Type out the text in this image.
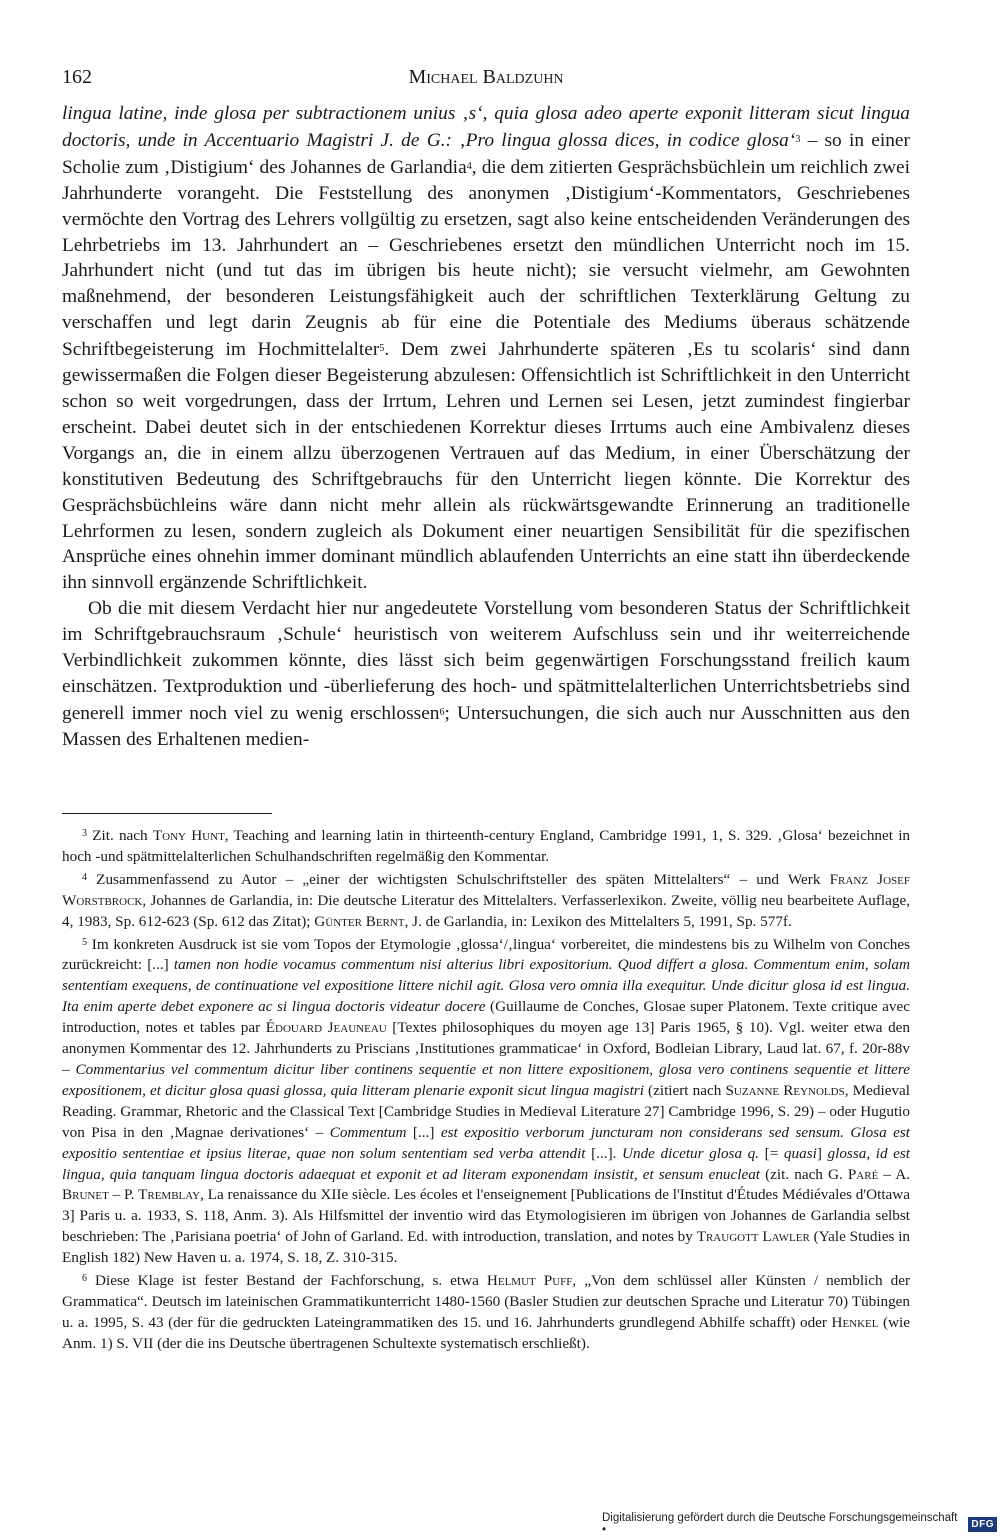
162	Michael Baldzuhn

lingua latine, inde glosa per subtractionem unius ‚s‘, quia glosa adeo aperte exponit litteram sicut lingua doctoris, unde in Accentuario Magistri J. de G.: ‚Pro lingua glossa dices, in codice glosa‘$^3$ – so in einer Scholie zum ‚Distigium‘ des Johannes de Garlandia$^4$, die dem zitierten Gesprächsbüchlein um reichlich zwei Jahrhunderte vorangeht. Die Feststellung des anonymen ‚Distigium‘-Kommentators, Geschriebenes vermöchte den Vortrag des Lehrers vollgültig zu ersetzen, sagt also keine entscheidenden Veränderungen des Lehrbetriebs im 13. Jahrhundert an – Geschriebenes ersetzt den mündlichen Unterricht noch im 15. Jahrhundert nicht (und tut das im übrigen bis heute nicht); sie versucht vielmehr, am Gewohnten maßnehmend, der besonderen Leistungsfähigkeit auch der schriftlichen Texterklärung Geltung zu verschaffen und legt darin Zeugnis ab für eine die Potentiale des Mediums überaus schätzende Schriftbegeisterung im Hochmittelalter$^5$. Dem zwei Jahrhunderte späteren ‚Es tu scolaris‘ sind dann gewissermaßen die Folgen dieser Begeisterung abzulesen: Offensichtlich ist Schriftlichkeit in den Unterricht schon so weit vorgedrungen, dass der Irrtum, Lehren und Lernen sei Lesen, jetzt zumindest fingierbar erscheint. Dabei deutet sich in der entschiedenen Korrektur dieses Irrtums auch eine Ambivalenz dieses Vorgangs an, die in einem allzu überzogenen Vertrauen auf das Medium, in einer Überschätzung der konstitutiven Bedeutung des Schriftgebrauchs für den Unterricht liegen könnte. Die Korrektur des Gesprächsbüchleins wäre dann nicht mehr allein als rückwärtsgewandte Erinnerung an traditionelle Lehrformen zu lesen, sondern zugleich als Dokument einer neuartigen Sensibilität für die spezifischen Ansprüche eines ohnehin immer dominant mündlich ablaufenden Unterrichts an eine statt ihn überdeckende ihn sinnvoll ergänzende Schriftlichkeit.

Ob die mit diesem Verdacht hier nur angedeutete Vorstellung vom besonderen Status der Schriftlichkeit im Schriftgebrauchsraum ‚Schule‘ heuristisch von weiterem Aufschluss sein und ihr weiterreichende Verbindlichkeit zukommen könnte, dies lässt sich beim gegenwärtigen Forschungsstand freilich kaum einschätzen. Textproduktion und -überlieferung des hoch- und spätmittelalterlichen Unterrichtsbetriebs sind generell immer noch viel zu wenig erschlossen$^6$; Untersuchungen, die sich auch nur Ausschnitten aus den Massen des Erhaltenen medien-

$^3$ Zit. nach Tony Hunt, Teaching and learning latin in thirteenth-century England, Cambridge 1991, 1, S. 329. ‚Glosa‘ bezeichnet in hoch -und spätmittelalterlichen Schulhandschriften regelmäßig den Kommentar.

$^4$ Zusammenfassend zu Autor – „einer der wichtigsten Schulschriftsteller des späten Mittelalters“ – und Werk Franz Josef Worstbrock, Johannes de Garlandia, in: Die deutsche Literatur des Mittelalters. Verfasserlexikon. Zweite, völlig neu bearbeitete Auflage, 4, 1983, Sp. 612-623 (Sp. 612 das Zitat); Günter Bernt, J. de Garlandia, in: Lexikon des Mittelalters 5, 1991, Sp. 577f.

$^5$ Im konkreten Ausdruck ist sie vom Topos der Etymologie ‚glossa‘/‚lingua‘ vorbereitet, die mindestens bis zu Wilhelm von Conches zurückreicht: [...] tamen non hodie vocamus commentum nisi alterius libri expositorium. Quod differt a glosa. Commentum enim, solam sententiam exequens, de continuatione vel expositione littere nichil agit. Glosa vero omnia illa exequitur. Unde dicitur glosa id est lingua. Ita enim aperte debet exponere ac si lingua doctoris videatur docere (Guillaume de Conches, Glosae super Platonem. Texte critique avec introduction, notes et tables par Édouard Jeauneau [Textes philosophiques du moyen age 13] Paris 1965, § 10). Vgl. weiter etwa den anonymen Kommentar des 12. Jahrhunderts zu Priscians ‚Institutiones grammaticae‘ in Oxford, Bodleian Library, Laud lat. 67, f. 20r-88v – Commentarius vel commentum dicitur liber continens sequentie et non littere expositionem, glosa vero continens sequentie et littere expositionem, et dicitur glosa quasi glossa, quia litteram plenarie exponit sicut lingua magistri (zitiert nach Suzanne Reynolds, Medieval Reading. Grammar, Rhetoric and the Classical Text [Cambridge Studies in Medieval Literature 27] Cambridge 1996, S. 29) – oder Hugutio von Pisa in den ‚Magnae derivationes‘ – Commentum [...] est expositio verborum juncturam non considerans sed sensum. Glosa est expositio sententiae et ipsius literae, quae non solum sententiam sed verba attendit [...]. Unde dicetur glosa q. [= quasi] glossa, id est lingua, quia tanquam lingua doctoris adaequat et exponit et ad literam exponendam insistit, et sensum enucleat (zit. nach G. Paré – A. Brunet – P. Tremblay, La renaissance du XIIe siècle. Les écoles et l'enseignement [Publications de l'Institut d'Études Médiévales d'Ottawa 3] Paris u. a. 1933, S. 118, Anm. 3). Als Hilfsmittel der inventio wird das Etymologisieren im übrigen von Johannes de Garlandia selbst beschrieben: The ‚Parisiana poetria‘ of John of Garland. Ed. with introduction, translation, and notes by Traugott Lawler (Yale Studies in English 182) New Haven u. a. 1974, S. 18, Z. 310-315.

$^6$ Diese Klage ist fester Bestand der Fachforschung, s. etwa Helmut Puff, „Von dem schlüssel aller Künsten / nemblich der Grammatica“. Deutsch im lateinischen Grammatikunterricht 1480-1560 (Basler Studien zur deutschen Sprache und Literatur 70) Tübingen u. a. 1995, S. 43 (der für die gedruckten Lateingrammatiken des 15. und 16. Jahrhunderts grundlegend Abhilfe schafft) oder Henkel (wie Anm. 1) S. VII (der die ins Deutsche übertragenen Schultexte systematisch erschließt).

Digitalisierung gefördert durch die Deutsche Forschungsgemeinschaft •	DFG
